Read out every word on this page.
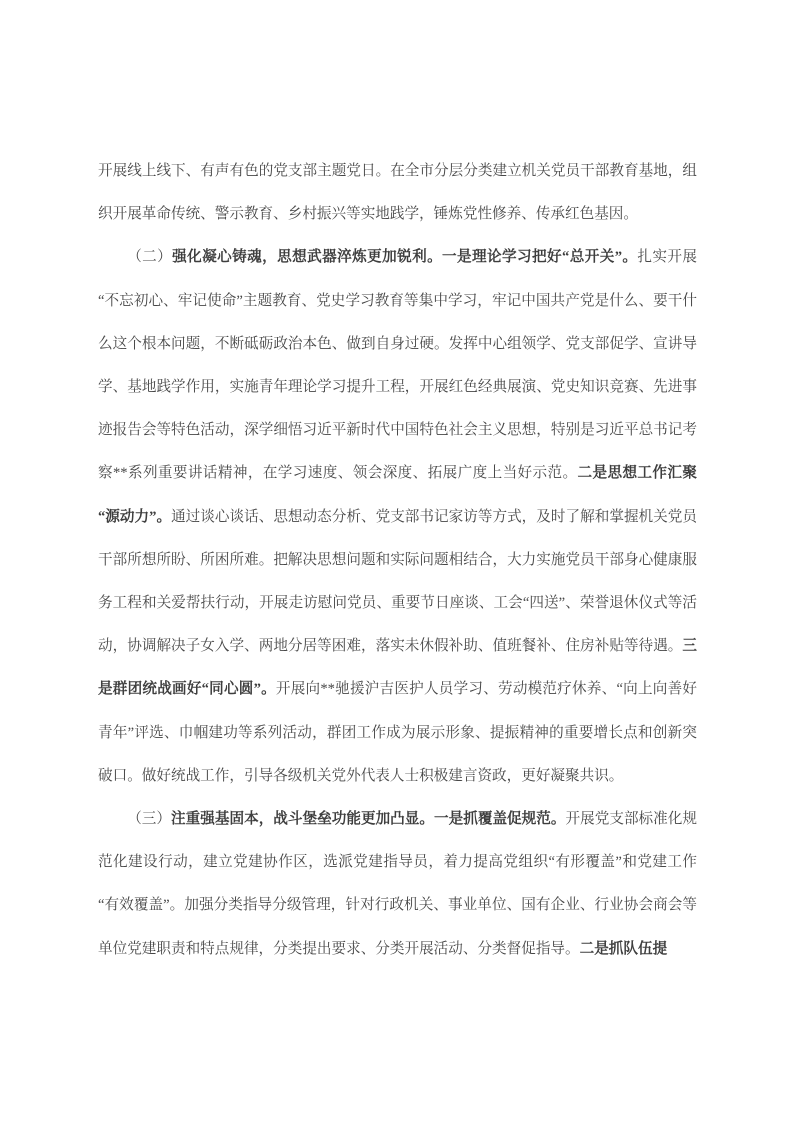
开展线上线下、有声有色的党支部主题党日。在全市分层分类建立机关党员干部教育基地，组织开展革命传统、警示教育、乡村振兴等实地践学，锤炼党性修养、传承红色基因。

（二）强化凝心铸魂，思想武器淬炼更加锐利。一是理论学习把好“总开关”。扎实开展“不忘初心、牢记使命”主题教育、党史学习教育等集中学习，牢记中国共产党是什么、要干什么这个根本问题，不断砥砺政治本色、做到自身过硬。发挥中心组领学、党支部促学、宣讲导学、基地践学作用，实施青年理论学习提升工程，开展红色经典展演、党史知识竞赛、先进事迹报告会等特色活动，深学细悟习近平新时代中国特色社会主义思想，特别是习近平总书记考察**系列重要讲话精神，在学习速度、领会深度、拓展广度上当好示范。二是思想工作汇聚“源动力”。通过谈心谈话、思想动态分析、党支部书记家访等方式，及时了解和掌握机关党员干部所想所盼、所困所难。把解决思想问题和实际问题相结合，大力实施党员干部身心健康服务工程和关爱帮扶行动，开展走访慰问党员、重要节日座谈、工会“四送”、荣誉退休仪式等活动，协调解决子女入学、两地分居等困难，落实未休假补助、值班餐补、住房补贴等待遇。三是群团统战画好“同心圆”。开展向**驰援沪吉医护人员学习、劳动模范疗休养、“向上向善好青年”评选、巾帼建功等系列活动，群团工作成为展示形象、提振精神的重要增长点和创新突破口。做好统战工作，引导各级机关党外代表人士积极建言资政，更好凝聚共识。

（三）注重强基固本，战斗堡垒功能更加凸显。一是抓覆盖促规范。开展党支部标准化规范化建设行动，建立党建协作区，选派党建指导员，着力提高党组织“有形覆盖”和党建工作“有效覆盖”。加强分类指导分级管理，针对行政机关、事业单位、国有企业、行业协会商会等单位党建职责和特点规律，分类提出要求、分类开展活动、分类督促指导。二是抓队伍提
